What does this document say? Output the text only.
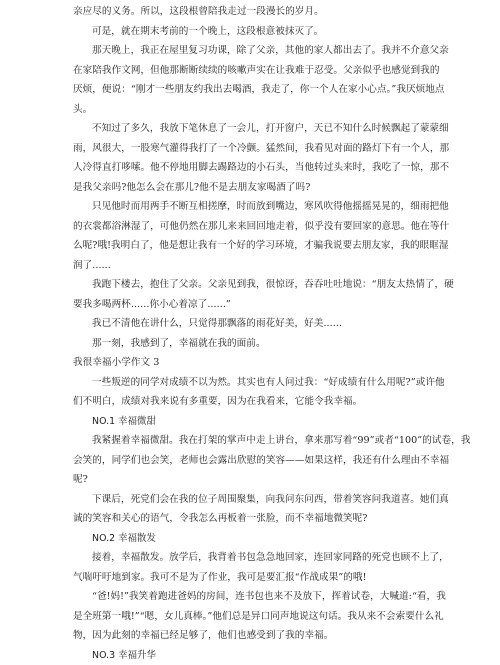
亲应尽的义务。所以，这段根曾陪我走过一段漫长的岁月。
可是，就在期末考前的一个晚上，这段根意被抹灭了。
那天晚上，我正在屋里复习功课，除了父亲，其他的家人都出去了。我并不介意父亲
在家陪我作文网，但他那断断续续的咳嗽声实在让我难于忍受。父亲似乎也感觉到我的
厌烦，便说：“刚才一些朋友约我出去喝酒，我走了，你一个人在家小心点。”我厌烦地点
头。
不知过了多久，我放下笔休息了一会儿，打开窗户，天已不知什么时候飘起了蒙蒙细
雨，风很大，一股寒气灌得我打了一个冷颤。猛然间，我看见对面的路灯下有一个人，那
人冷得直打哆嗦。他不停地用脚去踢路边的小石头，当他转过头来时，我吃了一惊，那不
是我父亲吗?他怎么会在那儿?他不是去朋友家喝酒了吗?
只见他时而用两手不断互相搓摩，时而放到嘴边，寒风吹得他摇摇晃晃的，细雨把他
的衣裳都浴淋湿了，可他仍然在那儿来来回回地走着，似乎没有要回家的意思。他在等什
么呢?哦!我明白了，他是想让我有一个好的学习环境，才骗我说要去朋友家，我的眼眶湿
润了......
我跑下楼去，抱住了父亲。父亲见到我，很惊讶，吞吞吐吐地说：“朋友太热情了，硬
要我多喝两杯......你小心着凉了......”
我已不清他在讲什么，只觉得那飘落的雨花好美，好美......
那一刻，我感到了，幸福就在我的面前。
我很幸福小学作文 3
一些叛逆的同学对成绩不以为然。其实也有人问过我：“好成绩有什么用呢?”或许他
们不明白，成绩对我来说有多重要，因为在我看来，它能令我幸福。
NO.1 幸福微甜
我紧握着幸福微甜。我在打架的掌声中走上讲台，拿来那写着“99”或者“100”的试卷，我
会笑的，同学们也会笑，老师也会露出欣慰的笑容——如果这样，我还有什么理由不幸福
呢?
下课后，死党们会在我的位子周围聚集，向我问东问西，带着笑容问我道喜。她们真
诚的笑容和关心的语气，令我怎么再板着一张脸，而不幸福地微笑呢?
NO.2 幸福散发
接着，幸福散发。放学后，我背着书包急急地回家，连回家同路的死党也顾不上了，
气喘吁吁地到家。我可不是为了作业，我可是要汇报“作战成果”的哦!
“爸!妈!”我笑着跑进爸妈的房间，连书包也来不及放下，挥着试卷，大喊道:“看，我
是全班第一哦!”“嗯，女儿真棒。”他们总是异口同声地说这句话。我从来不会索要什么礼
物，因为此刻的幸福已经足够了，他们也感受到了我的幸福。
NO.3 幸福升华
